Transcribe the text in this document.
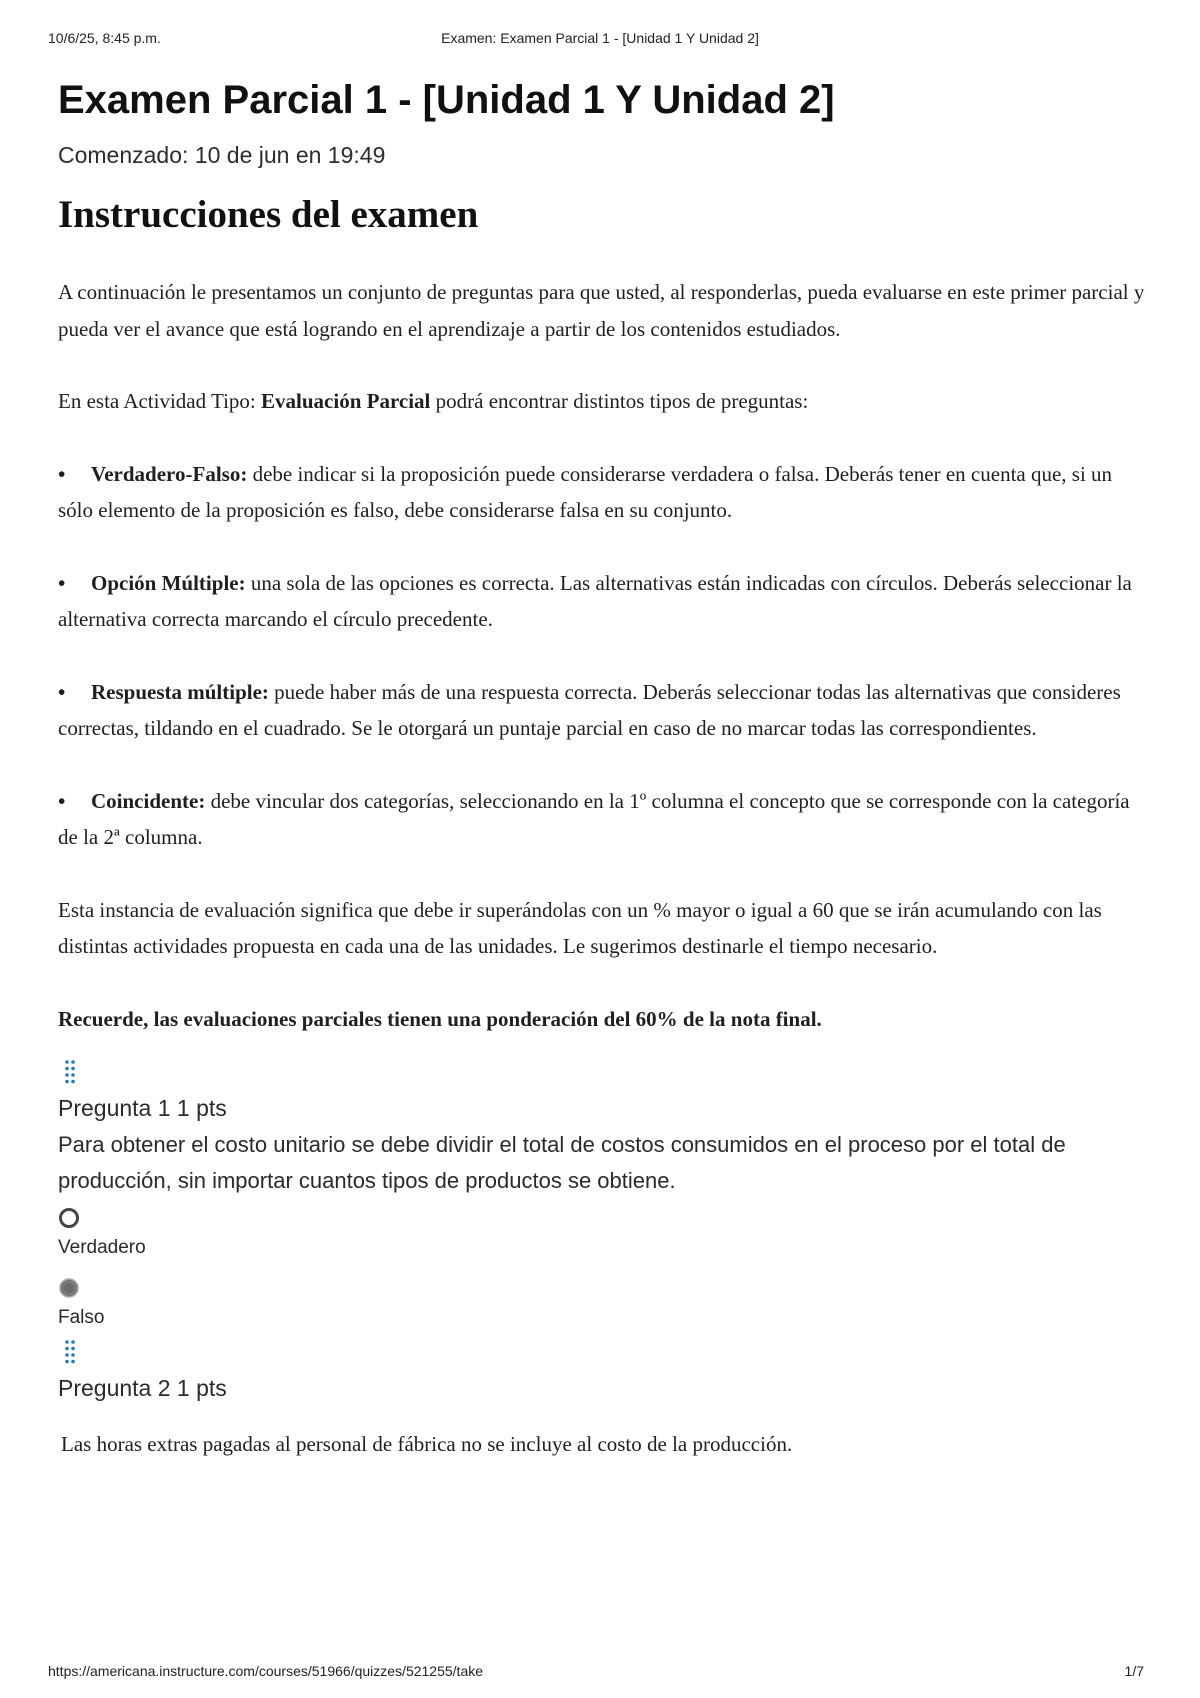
10/6/25, 8:45 p.m.	Examen: Examen Parcial 1 - [Unidad 1 Y Unidad 2]
Examen Parcial 1 - [Unidad 1 Y Unidad 2]
Comenzado: 10 de jun en 19:49
Instrucciones del examen

A continuación le presentamos un conjunto de preguntas para que usted, al responderlas, pueda evaluarse en este primer parcial y pueda ver el avance que está logrando en el aprendizaje a partir de los contenidos estudiados.

En esta Actividad Tipo: Evaluación Parcial podrá encontrar distintos tipos de preguntas:

• Verdadero-Falso: debe indicar si la proposición puede considerarse verdadera o falsa. Deberás tener en cuenta que, si un sólo elemento de la proposición es falso, debe considerarse falsa en su conjunto.

• Opción Múltiple: una sola de las opciones es correcta. Las alternativas están indicadas con círculos. Deberás seleccionar la alternativa correcta marcando el círculo precedente.

• Respuesta múltiple: puede haber más de una respuesta correcta. Deberás seleccionar todas las alternativas que consideres correctas, tildando en el cuadrado. Se le otorgará un puntaje parcial en caso de no marcar todas las correspondientes.

• Coincidente: debe vincular dos categorías, seleccionando en la 1º columna el concepto que se corresponde con la categoría de la 2ª columna.

Esta instancia de evaluación significa que debe ir superándolas con un % mayor o igual a 60 que se irán acumulando con las distintas actividades propuesta en cada una de las unidades. Le sugerimos destinarle el tiempo necesario.

Recuerde, las evaluaciones parciales tienen una ponderación del 60% de la nota final.

Pregunta 1 1 pts
Para obtener el costo unitario se debe dividir el total de costos consumidos en el proceso por el total de producción, sin importar cuantos tipos de productos se obtiene.
Verdadero
Falso
Pregunta 2 1 pts
Las horas extras pagadas al personal de fábrica no se incluye al costo de la producción.
https://americana.instructure.com/courses/51966/quizzes/521255/take	1/7
